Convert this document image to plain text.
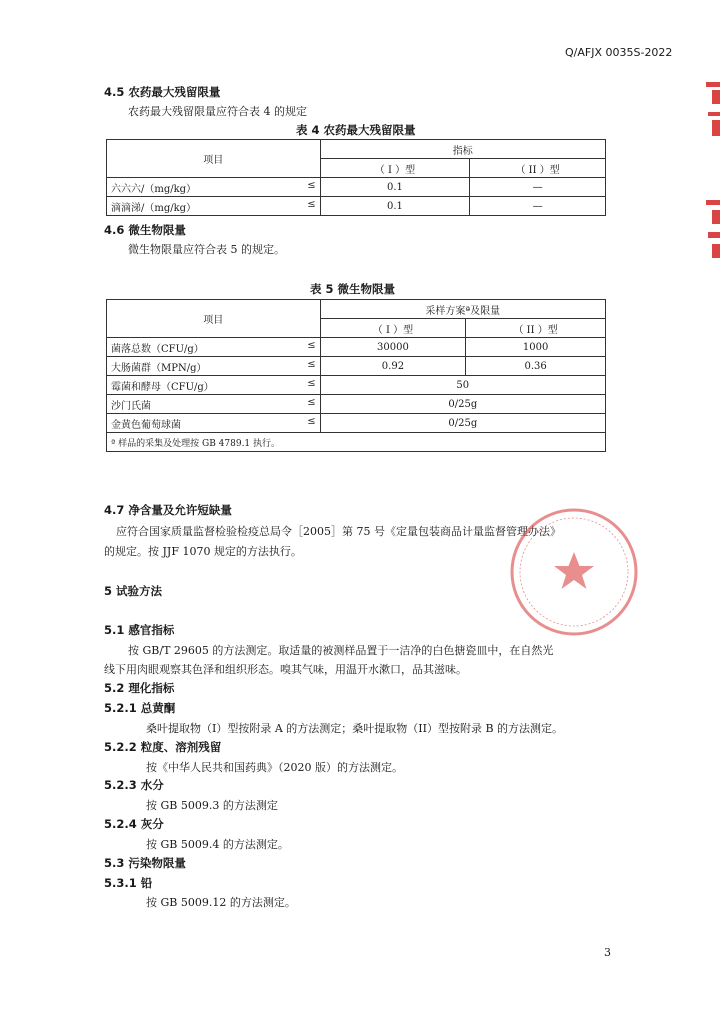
Q/AFJX 0035S-2022
4.5 农药最大残留限量
农药最大残留限量应符合表 4 的规定
表 4 农药最大残留限量
项目	指标	
	（ I ）型	（ II ）型
六六六/（mg/kg） ≤	0.1	—
滴滴涕/（mg/kg） ≤	0.1	—
4.6 微生物限量
微生物限量应符合表 5 的规定。
表 5 微生物限量
项目	采样方案ª及限量	
	（ I ）型	（ II ）型
菌落总数（CFU/g） ≤	30000	1000
大肠菌群（MPN/g） ≤	0.92	0.36
霉菌和酵母（CFU/g） ≤	50	
沙门氏菌 ≤	0/25g	
金黄色葡萄球菌 ≤	0/25g	
ª 样品的采集及处理按 GB 4789.1 执行。		
4.7 净含量及允许短缺量
应符合国家质量监督检验检疫总局令［2005］第 75 号《定量包装商品计量监督管理办法》
的规定。按 JJF 1070 规定的方法执行。
5 试验方法
5.1 感官指标
按 GB/T 29605 的方法测定。取适量的被测样品置于一洁净的白色搪瓷皿中，在自然光
线下用肉眼观察其色泽和组织形态。嗅其气味，用温开水漱口，品其滋味。
5.2 理化指标
5.2.1 总黄酮
桑叶提取物（I）型按附录 A 的方法测定；桑叶提取物（II）型按附录 B 的方法测定。
5.2.2 粒度、溶剂残留
按《中华人民共和国药典》（2020 版）的方法测定。
5.2.3 水分
按 GB 5009.3 的方法测定
5.2.4 灰分
按 GB 5009.4 的方法测定。
5.3 污染物限量
5.3.1 铅
按 GB 5009.12 的方法测定。
3
